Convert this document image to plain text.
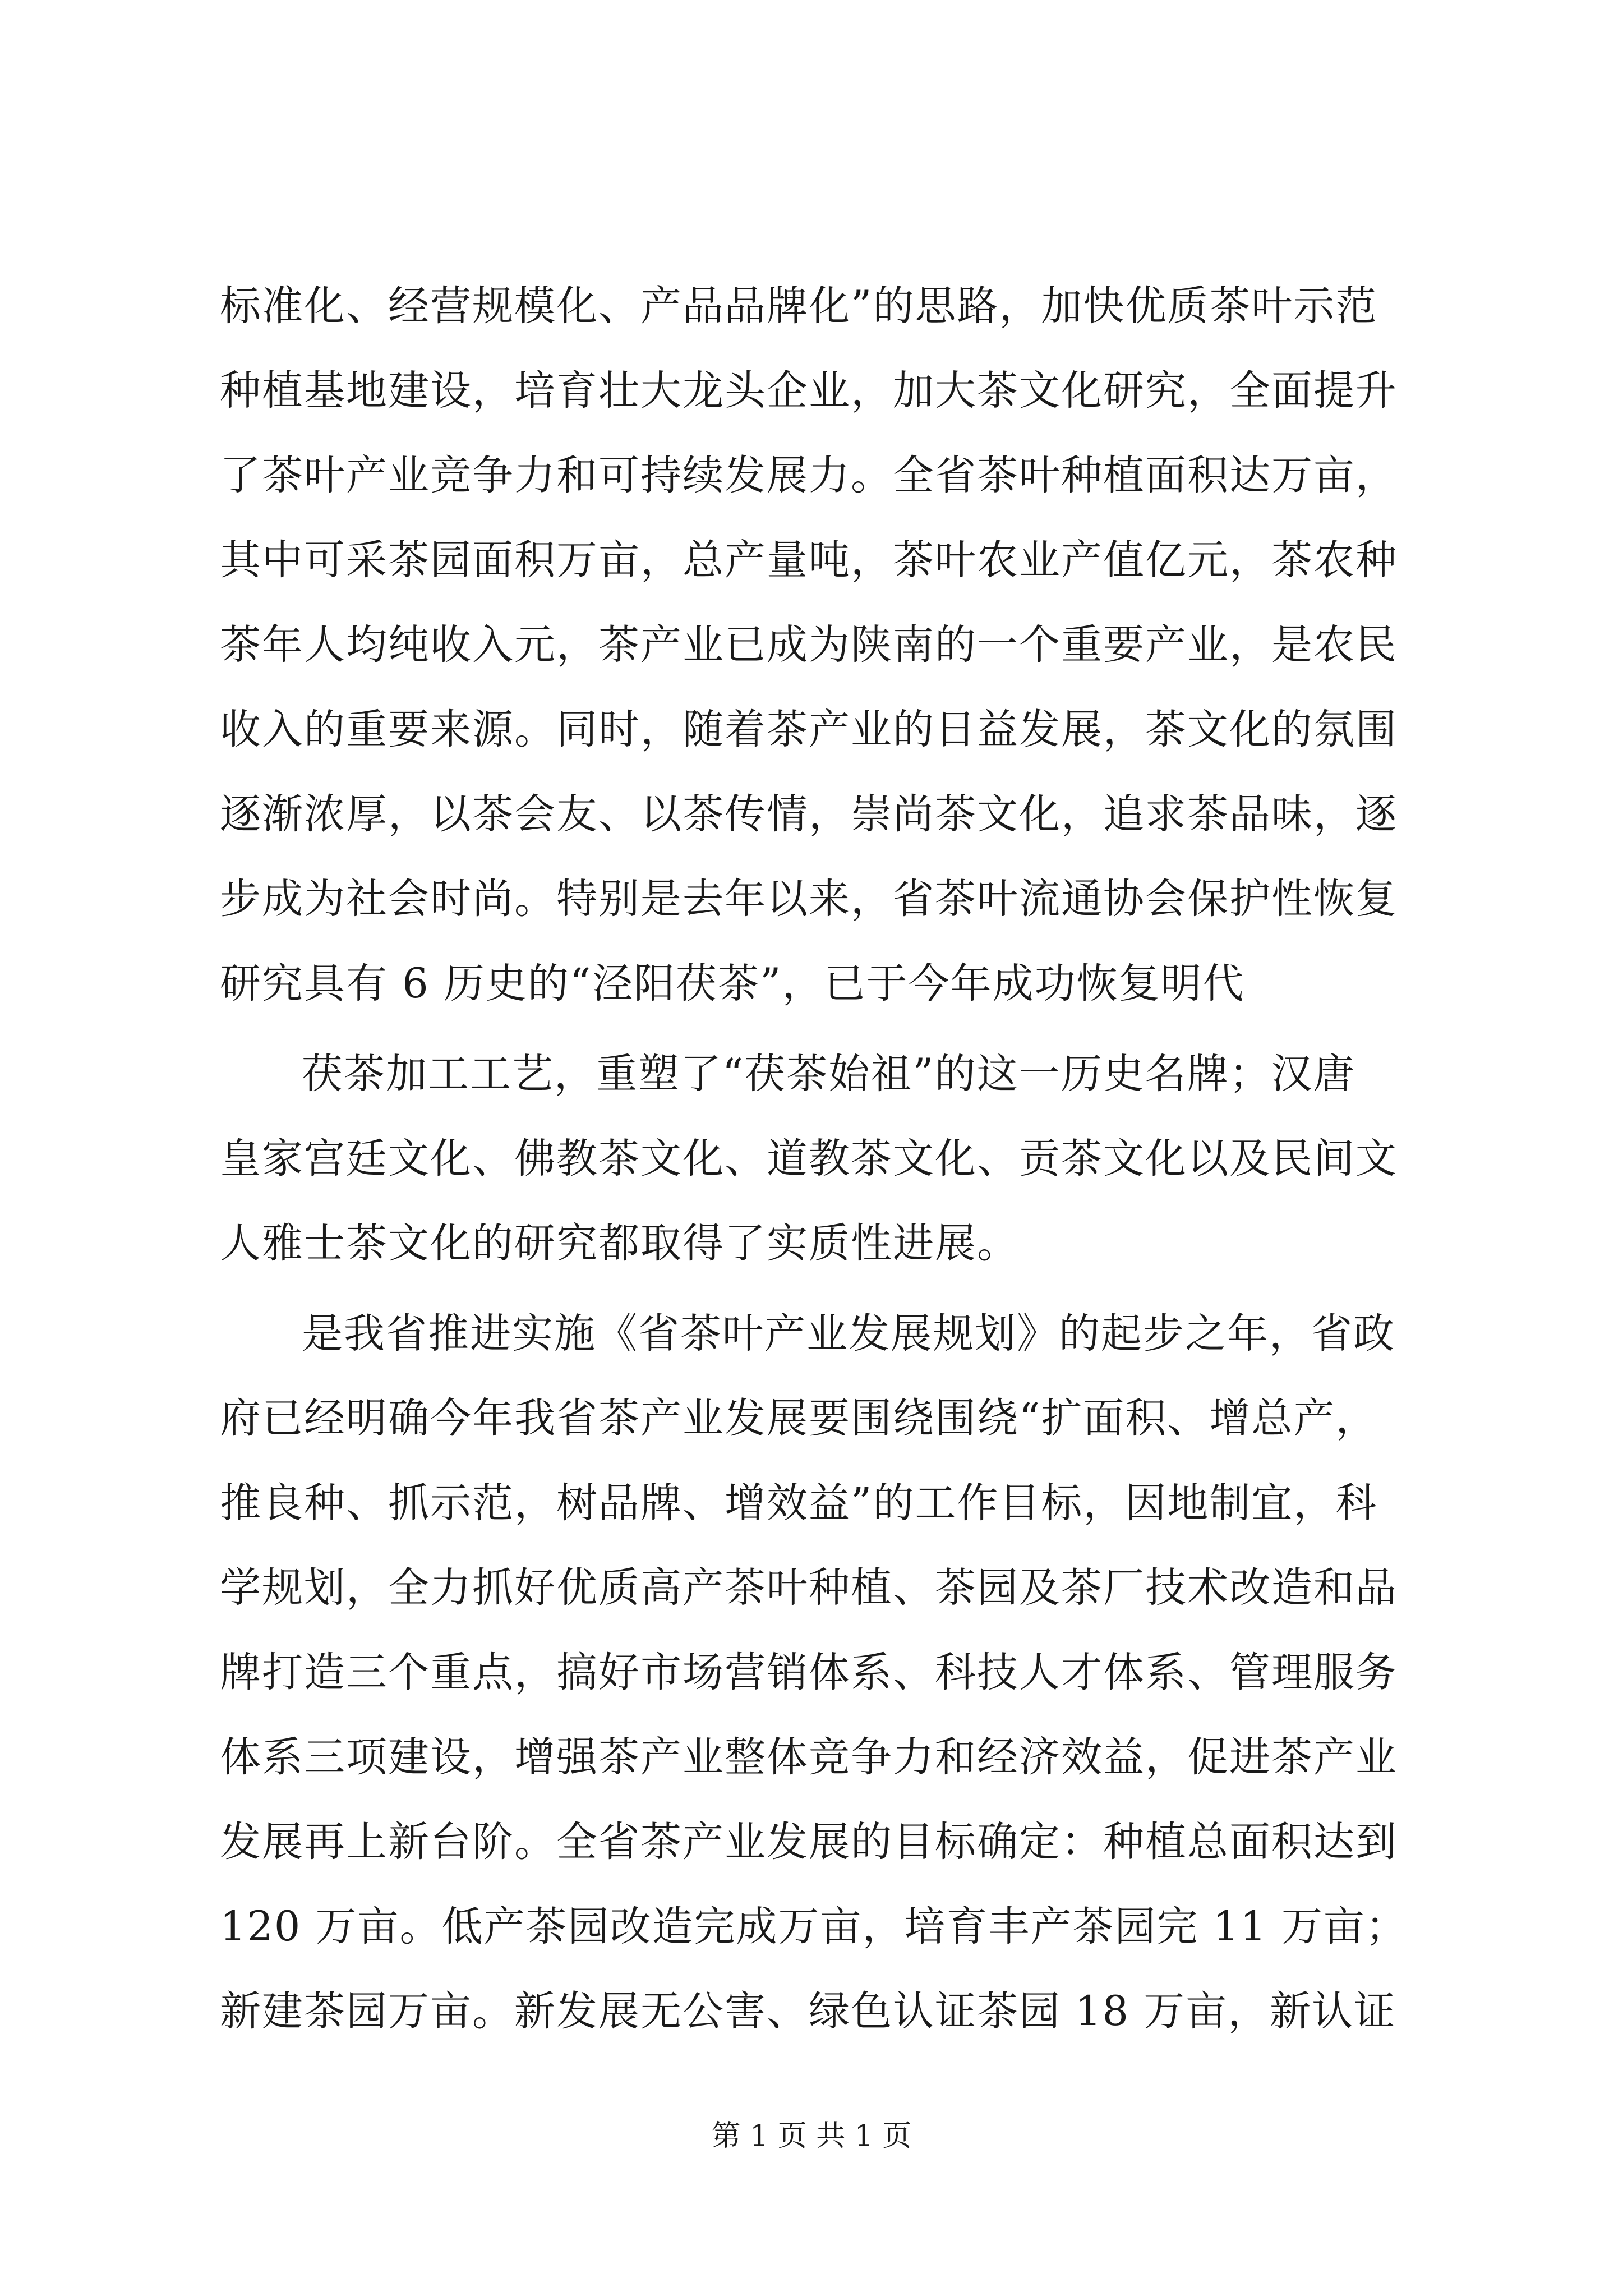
标准化、经营规模化、产品品牌化”的思路，加快优质茶叶示范
种植基地建设，培育壮大龙头企业，加大茶文化研究，全面提升
了茶叶产业竞争力和可持续发展力。全省茶叶种植面积达万亩，
其中可采茶园面积万亩，总产量吨，茶叶农业产值亿元，茶农种
茶年人均纯收入元，茶产业已成为陕南的一个重要产业，是农民
收入的重要来源。同时，随着茶产业的日益发展，茶文化的氛围
逐渐浓厚，以茶会友、以茶传情，崇尚茶文化，追求茶品味，逐
步成为社会时尚。特别是去年以来，省茶叶流通协会保护性恢复
研究具有 6 历史的“泾阳茯茶”，已于今年成功恢复明代
茯茶加工工艺，重塑了“茯茶始祖”的这一历史名牌；汉唐
皇家宫廷文化、佛教茶文化、道教茶文化、贡茶文化以及民间文
人雅士茶文化的研究都取得了实质性进展。
是我省推进实施《省茶叶产业发展规划》的起步之年，省政
府已经明确今年我省茶产业发展要围绕围绕“扩面积、增总产，
推良种、抓示范，树品牌、增效益”的工作目标，因地制宜，科
学规划，全力抓好优质高产茶叶种植、茶园及茶厂技术改造和品
牌打造三个重点，搞好市场营销体系、科技人才体系、管理服务
体系三项建设，增强茶产业整体竞争力和经济效益，促进茶产业
发展再上新台阶。全省茶产业发展的目标确定：种植总面积达到
120 万亩。低产茶园改造完成万亩，培育丰产茶园完 11 万亩；
新建茶园万亩。新发展无公害、绿色认证茶园 18 万亩，新认证
第 1 页 共 1 页
